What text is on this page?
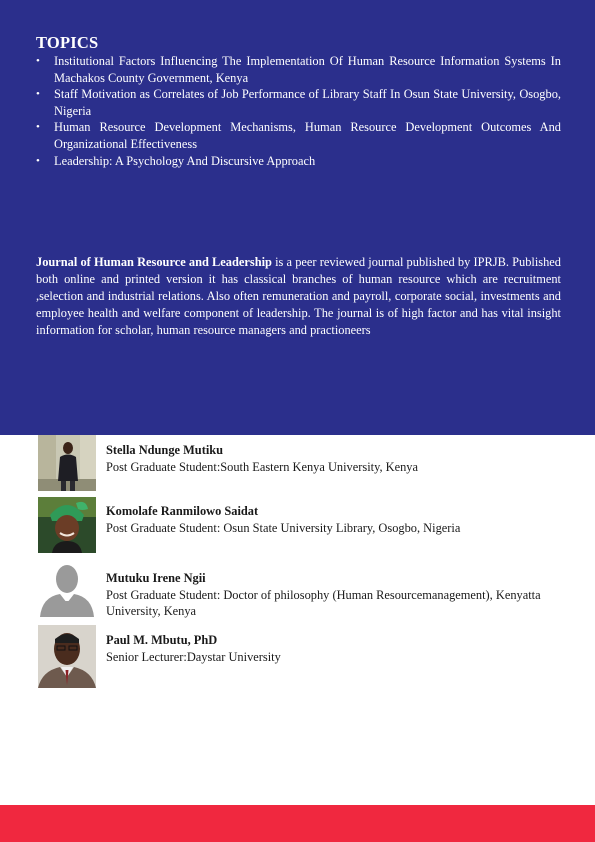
TOPICS
• Institutional Factors Influencing The Implementation Of Human Resource Information Systems In Machakos County Government, Kenya
• Staff Motivation as Correlates of Job Performance of Library Staff In Osun State University, Osogbo, Nigeria
• Human Resource Development Mechanisms, Human Resource Development Outcomes And Organizational Effectiveness
• Leadership: A Psychology And Discursive Approach
Journal of Human Resource and Leadership is a peer reviewed journal published by IPRJB. Published both online and printed version it has classical branches of human resource which are recruitment ,selection and industrial relations. Also often remuneration and payroll, corporate social, investments and employee health and welfare component of leadership. The journal is of high factor and has vital insight information for scholar, human resource managers and practioneers
Stella Ndunge Mutiku
Post Graduate Student:South Eastern Kenya University, Kenya
Komolafe Ranmilowo Saidat
Post Graduate Student: Osun State University Library, Osogbo, Nigeria
Mutuku Irene Ngii
Post Graduate Student: Doctor of philosophy (Human Resourcemanagement), Kenyatta University, Kenya
Paul M. Mbutu, PhD
Senior Lecturer:Daystar University
